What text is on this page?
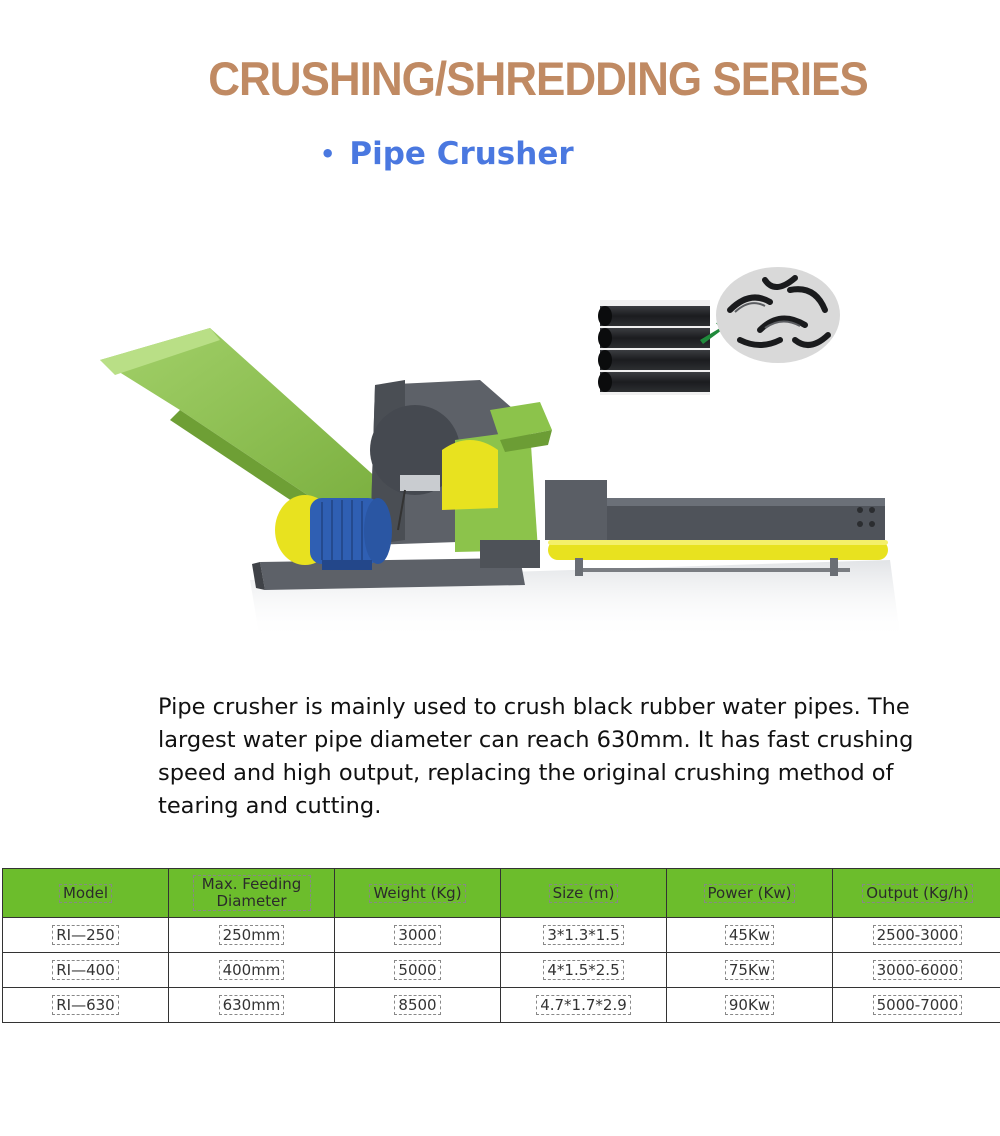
CRUSHING/SHREDDING SERIES
• Pipe Crusher

Pipe crusher is mainly used to crush black rubber water pipes. The largest water pipe diameter can reach 630mm. It has fast crushing speed and high output, replacing the original crushing method of tearing and cutting.

Model	Max. Feeding Diameter	Weight (Kg)	Size (m)	Power (Kw)	Output (Kg/h)
RI—250	250mm	3000	3*1.3*1.5	45Kw	2500-3000
RI—400	400mm	5000	4*1.5*2.5	75Kw	3000-6000
RI—630	630mm	8500	4.7*1.7*2.9	90Kw	5000-7000
